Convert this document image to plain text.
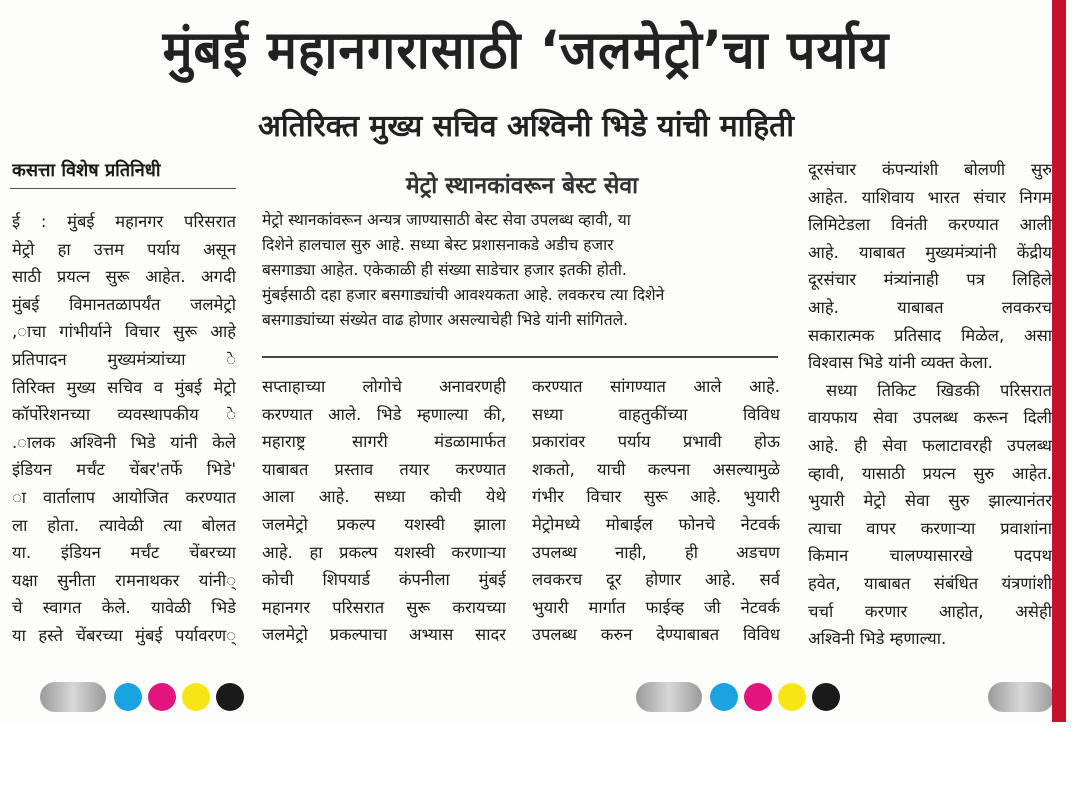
मुंबई महानगरासाठी ‘जलमेट्रो’चा पर्याय
अतिरिक्त मुख्य सचिव अश्विनी भिडे यांची माहिती
कसत्ता विशेष प्रतिनिधी
ई : मुंबई महानगर परिसरात
मेट्रो हा उत्तम पर्याय असून
साठी प्रयत्न सुरू आहेत. अगदी
मुंबई विमानतळापर्यंत जलमेट्रो
ाचा गांभीर्याने विचार सुरू आहे,
े प्रतिपादन मुख्यमंत्र्यांच्या
तिरिक्त मुख्य सचिव व मुंबई मेट्रो
े कॉर्पोरेशनच्या व्यवस्थापकीय
ालक अश्विनी भिडे यांनी केले.
'इंडियन मर्चंट चेंबर'तर्फे भिडे
ा वार्तालाप आयोजित करण्यात
ला होता. त्यावेळी त्या बोलत
या. इंडियन मर्चंट चेंबरच्या
्यक्षा सुनीता रामनाथकर यांनी
चे स्वागत केले. यावेळी भिडे
्या हस्ते चेंबरच्या मुंबई पर्यावरण
मेट्रो स्थानकांवरून बेस्ट सेवा
मेट्रो स्थानकांवरून अन्यत्र जाण्यासाठी बेस्ट सेवा उपलब्ध व्हावी, या
दिशेने हालचाल सुरु आहे. सध्या बेस्ट प्रशासनाकडे अडीच हजार
बसगाड्या आहेत. एकेकाळी ही संख्या साडेचार हजार इतकी होती.
मुंबईसाठी दहा हजार बसगाड्यांची आवश्यकता आहे. लवकरच त्या दिशेने
बसगाड्यांच्या संख्येत वाढ होणार असल्याचेही भिडे यांनी सांगितले.
सप्ताहाच्या लोगोचे अनावरणही
करण्यात आले. भिडे म्हणाल्या की,
महाराष्ट्र सागरी मंडळामार्फत
याबाबत प्रस्ताव तयार करण्यात
आला आहे. सध्या कोची येथे
जलमेट्रो प्रकल्प यशस्वी झाला
आहे. हा प्रकल्प यशस्वी करणाऱ्या
कोची शिपयार्ड कंपनीला मुंबई
महानगर परिसरात सुरू करायच्या
जलमेट्रो प्रकल्पाचा अभ्यास सादर
करण्यात सांगण्यात आले आहे.
सध्या वाहतुकींच्या विविध
प्रकारांवर पर्याय प्रभावी होऊ
शकतो, याची कल्पना असल्यामुळे
गंभीर विचार सुरू आहे. भुयारी
मेट्रोमध्ये मोबाईल फोनचे नेटवर्क
उपलब्ध नाही, ही अडचण
लवकरच दूर होणार आहे. सर्व
भुयारी मार्गात फाईव्ह जी नेटवर्क
उपलब्ध करुन देण्याबाबत विविध
दूरसंचार कंपन्यांशी बोलणी सुरु
आहेत. याशिवाय भारत संचार निगम
लिमिटेडला विनंती करण्यात आली
आहे. याबाबत मुख्यमंत्र्यांनी केंद्रीय
दूरसंचार मंत्र्यांनाही पत्र लिहिले
आहे. याबाबत लवकरच
सकारात्मक प्रतिसाद मिळेल, असा
विश्वास भिडे यांनी व्यक्त केला.
सध्या तिकिट खिडकी परिसरात
वायफाय सेवा उपलब्ध करून दिली
आहे. ही सेवा फलाटावरही उपलब्ध
व्हावी, यासाठी प्रयत्न सुरु आहेत.
भुयारी मेट्रो सेवा सुरु झाल्यानंतर
त्याचा वापर करणाऱ्या प्रवाशांना
किमान चालण्यासारखे पदपथ
हवेत, याबाबत संबंधित यंत्रणांशी
चर्चा करणार आहोत, असेही
अश्विनी भिडे म्हणाल्या.
